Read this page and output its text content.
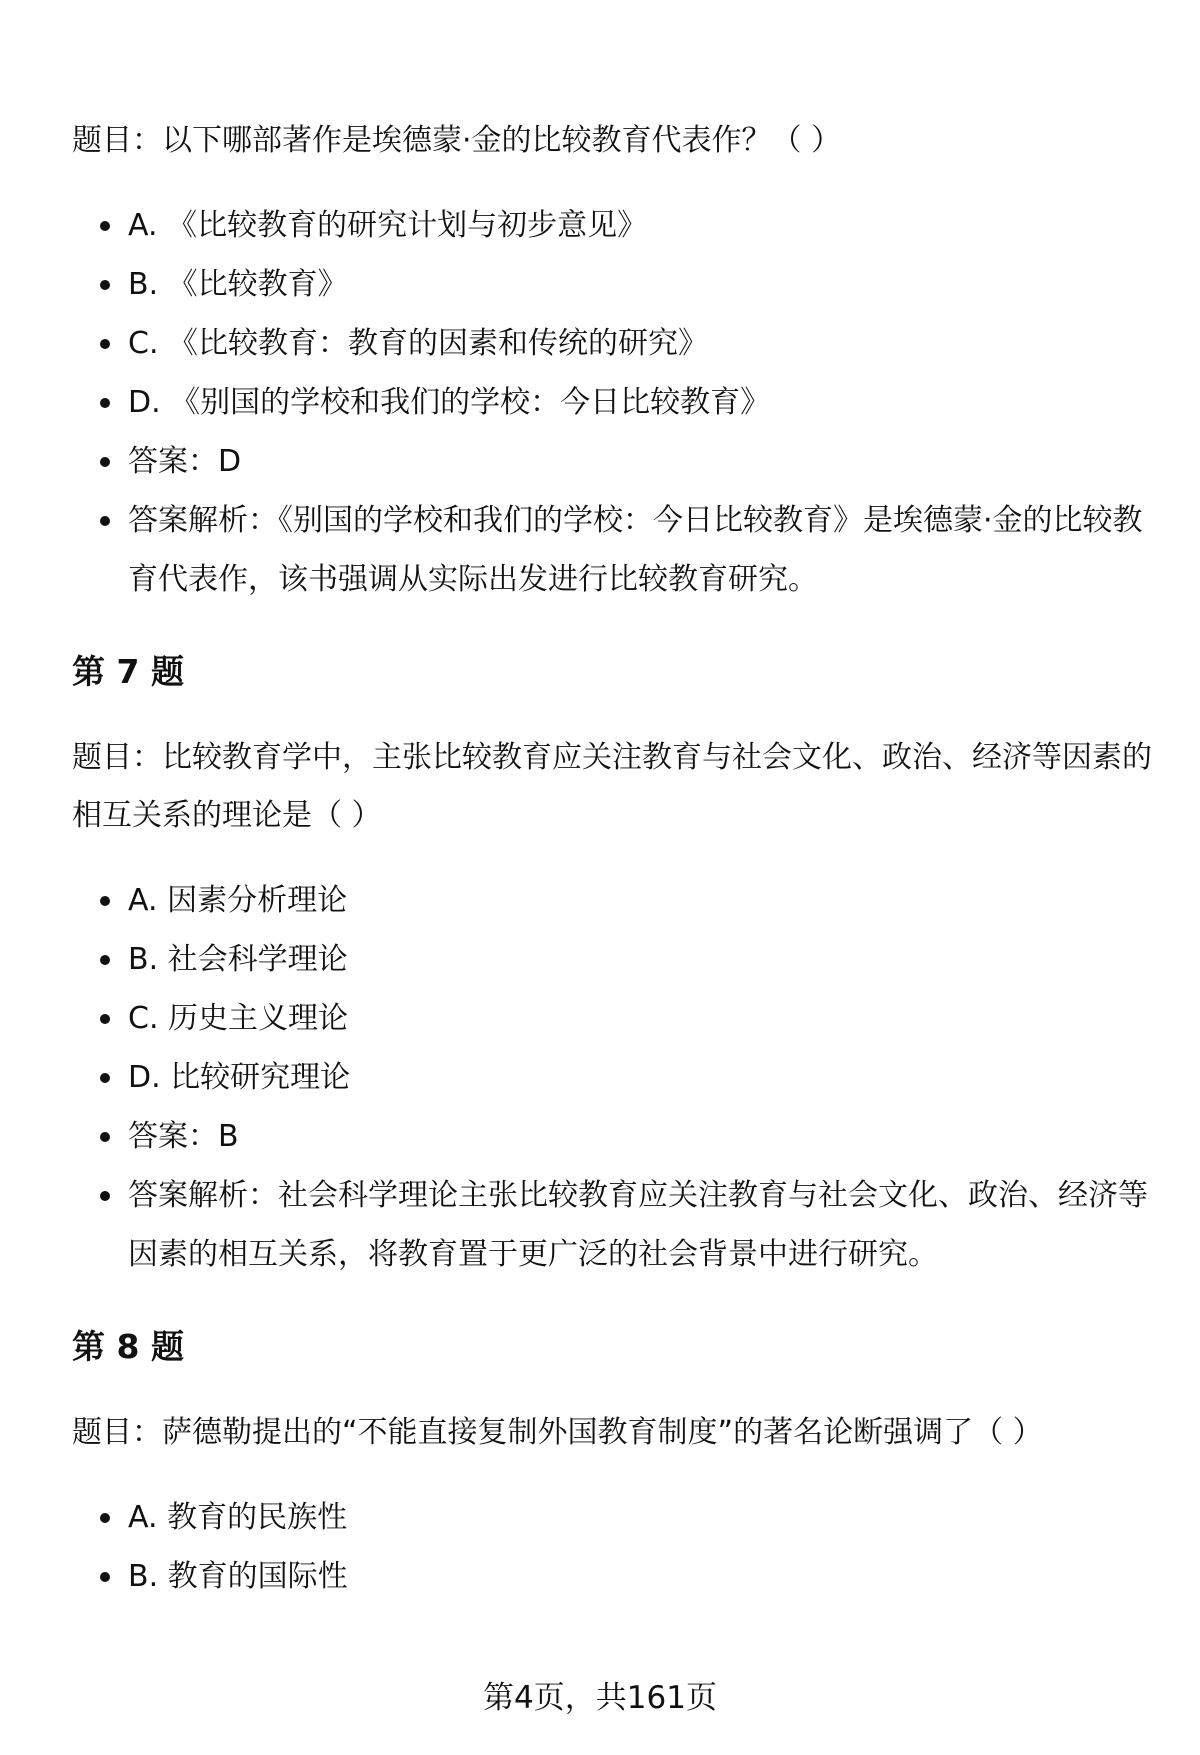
题目：以下哪部著作是埃德蒙·金的比较教育代表作？（ ）

A. 《比较教育的研究计划与初步意见》
B. 《比较教育》
C. 《比较教育：教育的因素和传统的研究》
D. 《别国的学校和我们的学校：今日比较教育》
答案：D
答案解析：《别国的学校和我们的学校：今日比较教育》是埃德蒙·金的比较教育代表作，该书强调从实际出发进行比较教育研究。
第 7 题

题目：比较教育学中，主张比较教育应关注教育与社会文化、政治、经济等因素的相互关系的理论是（ ）

A. 因素分析理论
B. 社会科学理论
C. 历史主义理论
D. 比较研究理论
答案：B
答案解析：社会科学理论主张比较教育应关注教育与社会文化、政治、经济等因素的相互关系，将教育置于更广泛的社会背景中进行研究。
第 8 题

题目：萨德勒提出的“不能直接复制外国教育制度”的著名论断强调了（ ）

A. 教育的民族性
B. 教育的国际性
第4页，共161页
